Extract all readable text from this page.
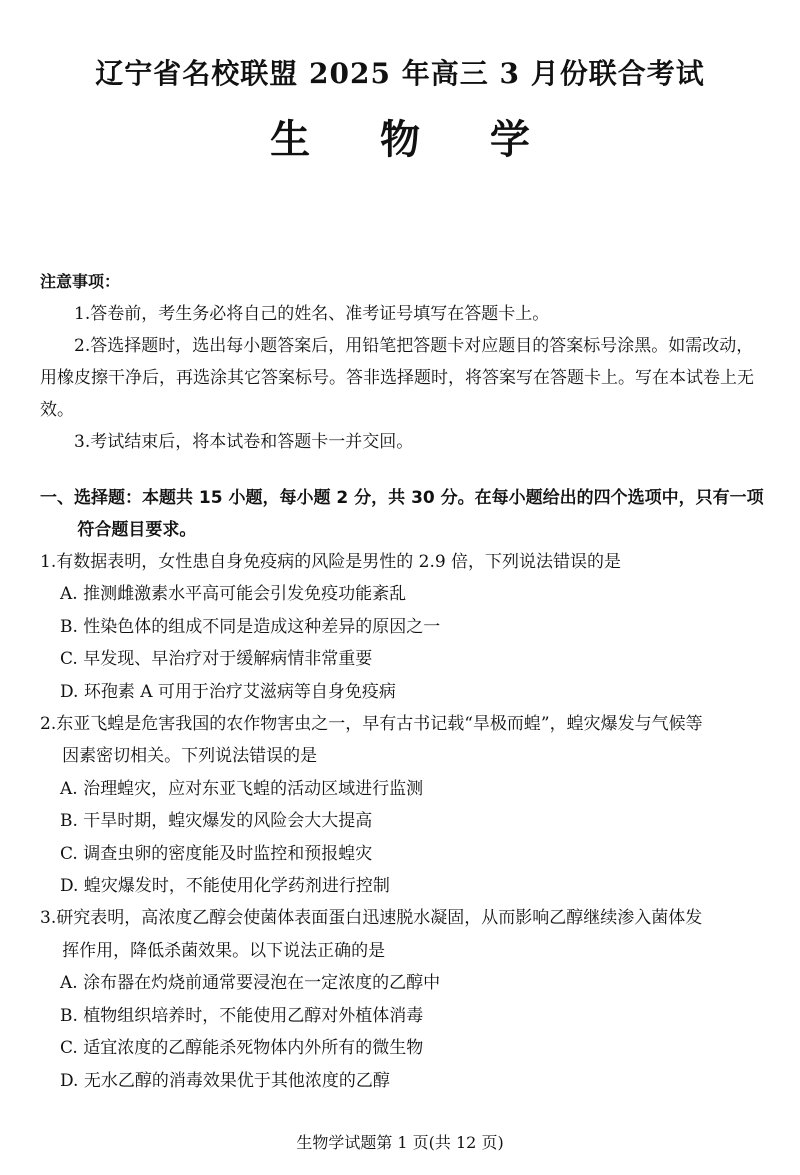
辽宁省名校联盟 2025 年高三 3 月份联合考试
生 物 学
注意事项：

1.答卷前，考生务必将自己的姓名、准考证号填写在答题卡上。

2.答选择题时，选出每小题答案后，用铅笔把答题卡对应题目的答案标号涂黑。如需改动，用橡皮擦干净后，再选涂其它答案标号。答非选择题时，将答案写在答题卡上。写在本试卷上无效。

3.考试结束后，将本试卷和答题卡一并交回。

一、选择题：本题共 15 小题，每小题 2 分，共 30 分。在每小题给出的四个选项中，只有一项
符合题目要求。
1.有数据表明，女性患自身免疫病的风险是男性的 2.9 倍，下列说法错误的是
A. 推测雌激素水平高可能会引发免疫功能紊乱
B. 性染色体的组成不同是造成这种差异的原因之一
C. 早发现、早治疗对于缓解病情非常重要
D. 环孢素 A 可用于治疗艾滋病等自身免疫病
2.东亚飞蝗是危害我国的农作物害虫之一，早有古书记载“旱极而蝗”，蝗灾爆发与气候等
因素密切相关。下列说法错误的是
A. 治理蝗灾，应对东亚飞蝗的活动区域进行监测
B. 干旱时期，蝗灾爆发的风险会大大提高
C. 调查虫卵的密度能及时监控和预报蝗灾
D. 蝗灾爆发时，不能使用化学药剂进行控制
3.研究表明，高浓度乙醇会使菌体表面蛋白迅速脱水凝固，从而影响乙醇继续渗入菌体发
挥作用，降低杀菌效果。以下说法正确的是
A. 涂布器在灼烧前通常要浸泡在一定浓度的乙醇中
B. 植物组织培养时，不能使用乙醇对外植体消毒
C. 适宜浓度的乙醇能杀死物体内外所有的微生物
D. 无水乙醇的消毒效果优于其他浓度的乙醇
生物学试题第 1 页(共 12 页)
